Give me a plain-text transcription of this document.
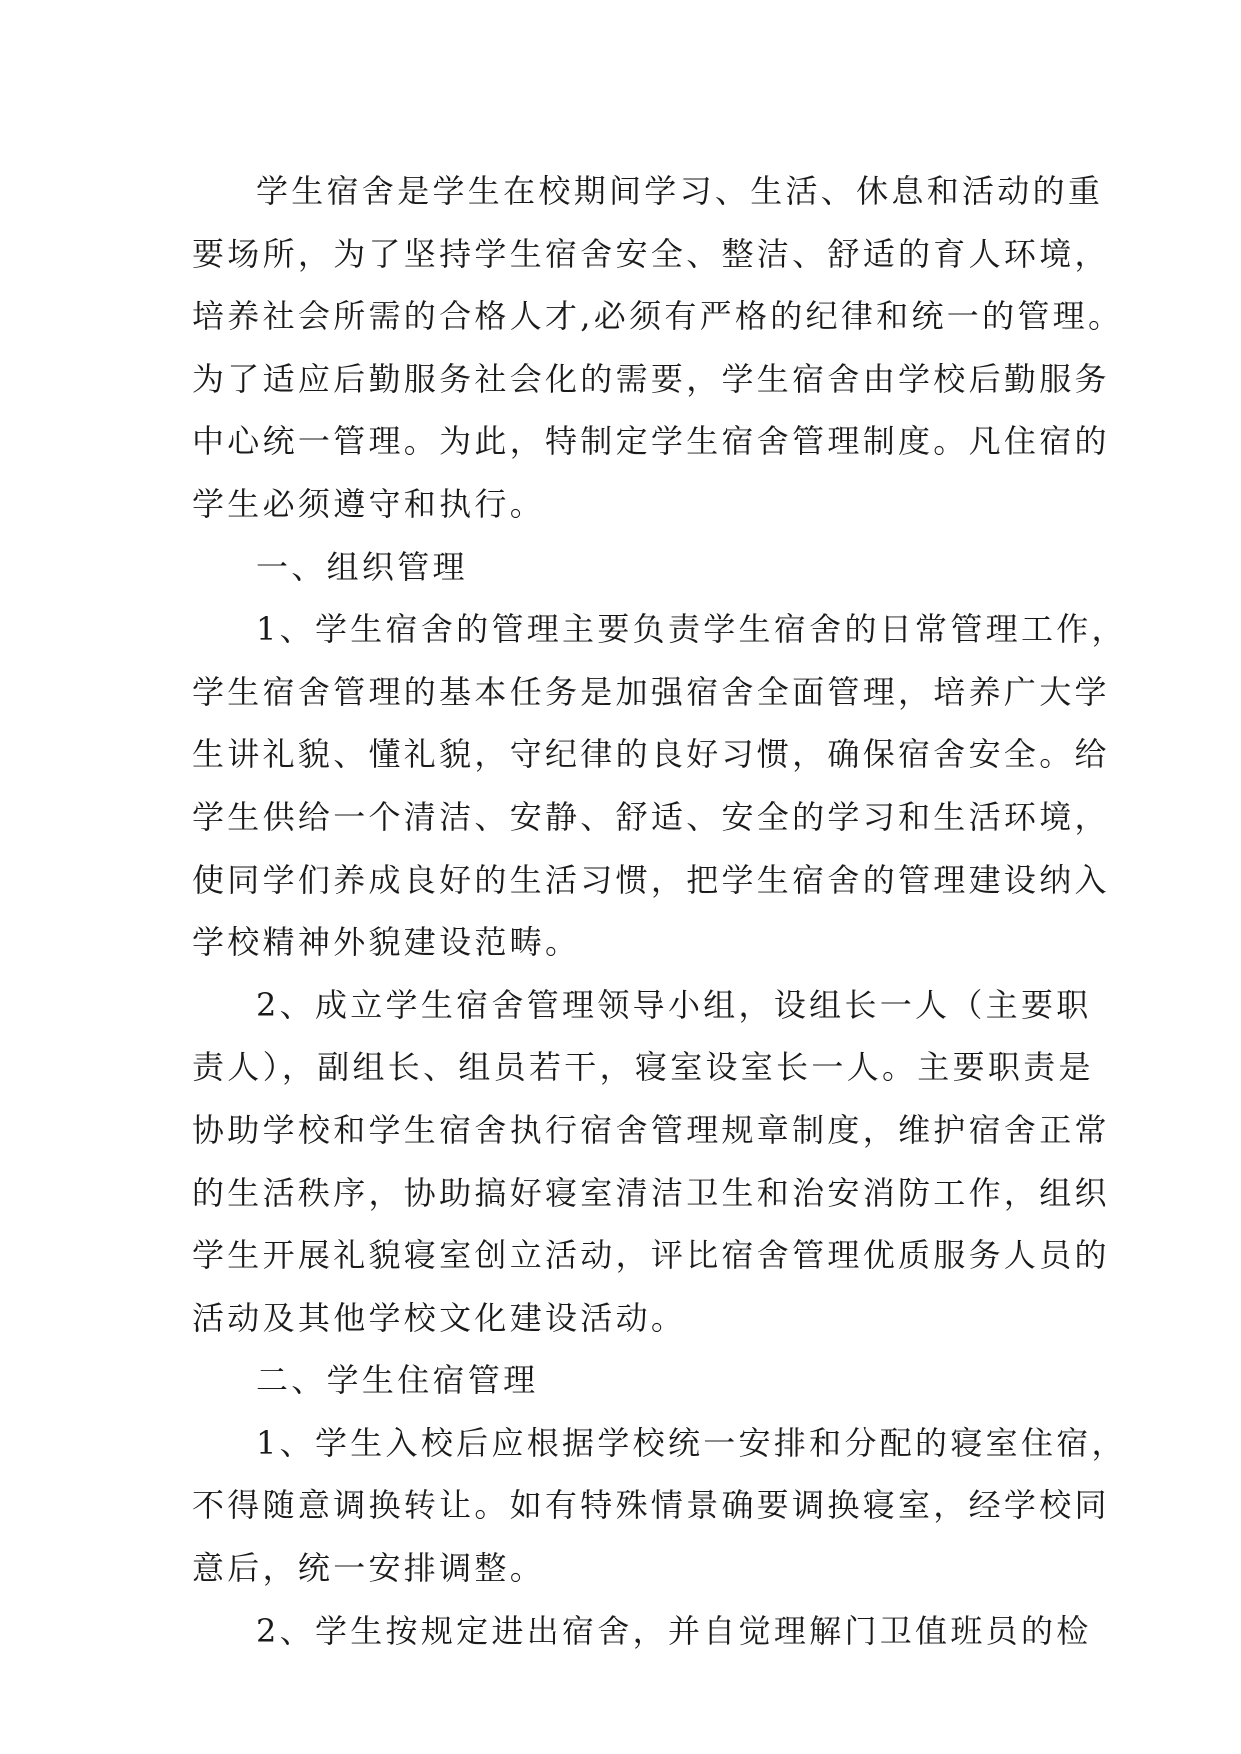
学生宿舍是学生在校期间学习、生活、休息和活动的重
要场所，为了坚持学生宿舍安全、整洁、舒适的育人环境，
培养社会所需的合格人才,必须有严格的纪律和统一的管理。
为了适应后勤服务社会化的需要，学生宿舍由学校后勤服务
中心统一管理。为此，特制定学生宿舍管理制度。凡住宿的
学生必须遵守和执行。
一、组织管理
1、学生宿舍的管理主要负责学生宿舍的日常管理工作，
学生宿舍管理的基本任务是加强宿舍全面管理，培养广大学
生讲礼貌、懂礼貌，守纪律的良好习惯，确保宿舍安全。给
学生供给一个清洁、安静、舒适、安全的学习和生活环境，
使同学们养成良好的生活习惯，把学生宿舍的管理建设纳入
学校精神外貌建设范畴。
2、成立学生宿舍管理领导小组，设组长一人（主要职
责人），副组长、组员若干，寝室设室长一人。主要职责是
协助学校和学生宿舍执行宿舍管理规章制度，维护宿舍正常
的生活秩序，协助搞好寝室清洁卫生和治安消防工作，组织
学生开展礼貌寝室创立活动，评比宿舍管理优质服务人员的
活动及其他学校文化建设活动。
二、学生住宿管理
1、学生入校后应根据学校统一安排和分配的寝室住宿，
不得随意调换转让。如有特殊情景确要调换寝室，经学校同
意后，统一安排调整。
2、学生按规定进出宿舍，并自觉理解门卫值班员的检
